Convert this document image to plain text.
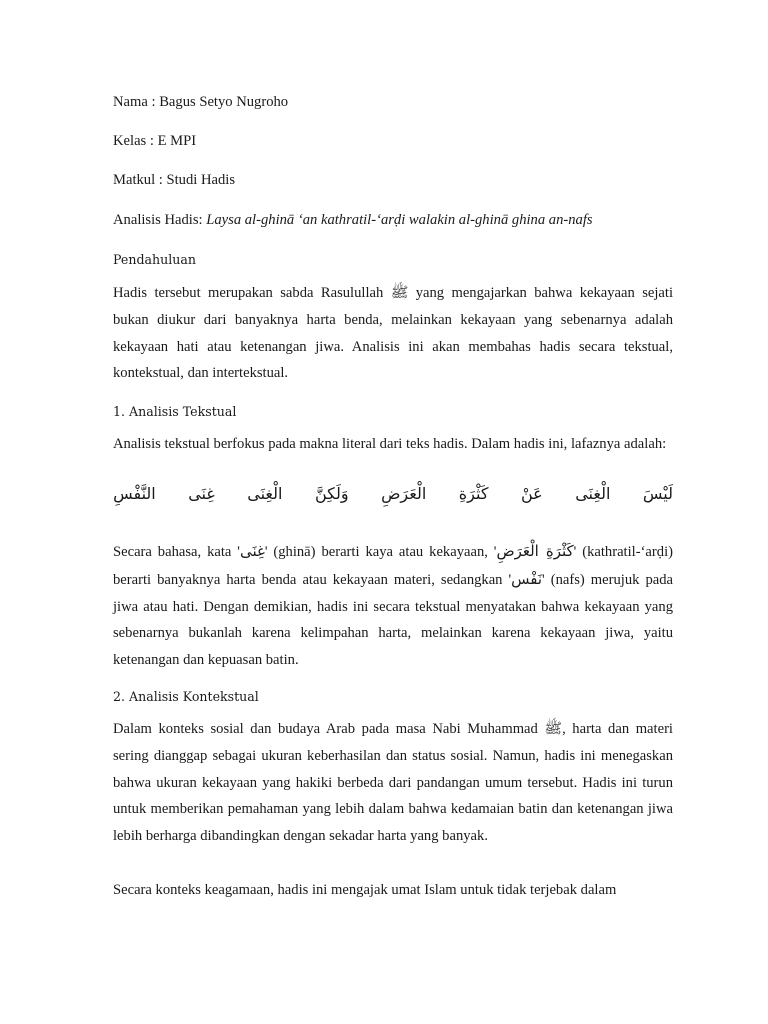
Nama : Bagus Setyo Nugroho
Kelas : E MPI
Matkul : Studi Hadis
Analisis Hadis: Laysa al-ghinā ‘an kathratil-‘arḍi walakin al-ghinā ghina an-nafs
Pendahuluan
Hadis tersebut merupakan sabda Rasulullah ﷺ yang mengajarkan bahwa kekayaan sejati bukan diukur dari banyaknya harta benda, melainkan kekayaan yang sebenarnya adalah kekayaan hati atau ketenangan jiwa. Analisis ini akan membahas hadis secara tekstual, kontekstual, dan intertekstual.
1. Analisis Tekstual
Analisis tekstual berfokus pada makna literal dari teks hadis. Dalam hadis ini, lafaznya adalah:
لَيْسَ
الْغِنَى
عَنْ
كَثْرَةِ
الْعَرَضِ
وَلَكِنَّ
الْغِنَى
غِنَى
النَّفْسِ
Secara bahasa, kata 'غِنَى' (ghinā) berarti kaya atau kekayaan, 'كَثْرَةِ الْعَرَضِ' (kathratil-‘arḍi) berarti banyaknya harta benda atau kekayaan materi, sedangkan 'نَفْس' (nafs) merujuk pada jiwa atau hati. Dengan demikian, hadis ini secara tekstual menyatakan bahwa kekayaan yang sebenarnya bukanlah karena kelimpahan harta, melainkan karena kekayaan jiwa, yaitu ketenangan dan kepuasan batin.
2. Analisis Kontekstual
Dalam konteks sosial dan budaya Arab pada masa Nabi Muhammad ﷺ, harta dan materi sering dianggap sebagai ukuran keberhasilan dan status sosial. Namun, hadis ini menegaskan bahwa ukuran kekayaan yang hakiki berbeda dari pandangan umum tersebut. Hadis ini turun untuk memberikan pemahaman yang lebih dalam bahwa kedamaian batin dan ketenangan jiwa lebih berharga dibandingkan dengan sekadar harta yang banyak.
Secara konteks keagamaan, hadis ini mengajak umat Islam untuk tidak terjebak dalam
